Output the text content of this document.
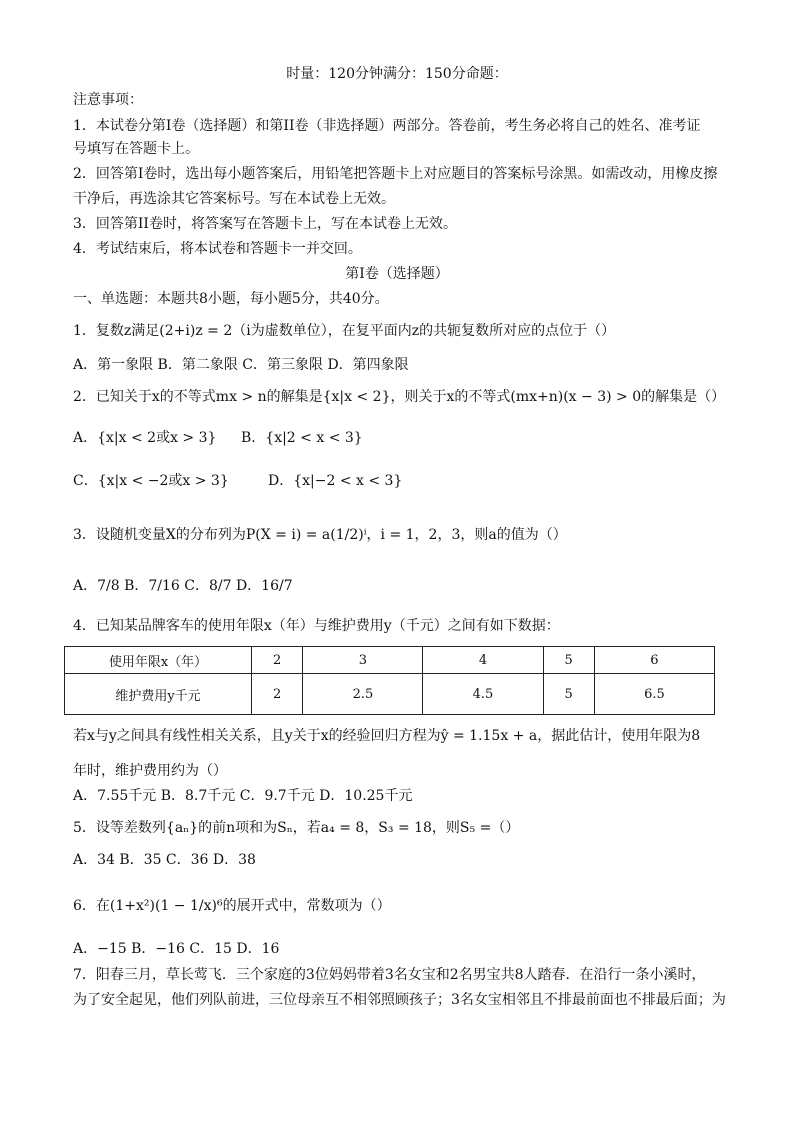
时量：120分钟满分：150分命题：
注意事项：
1．本试卷分第Ⅰ卷（选择题）和第II卷（非选择题）两部分。答卷前，考生务必将自己的姓名、准考证
号填写在答题卡上。
2．回答第Ⅰ卷时，选出每小题答案后，用铅笔把答题卡上对应题目的答案标号涂黑。如需改动，用橡皮擦
干净后，再选涂其它答案标号。写在本试卷上无效。
3．回答第II卷时，将答案写在答题卡上，写在本试卷上无效。
4．考试结束后，将本试卷和答题卡一并交回。
第Ⅰ卷（选择题）
一、单选题：本题共8小题，每小题5分，共40分。
1．复数z满足(2+i)z = 2（i为虚数单位），在复平面内z的共轭复数所对应的点位于（）
A．第一象限 B．第二象限 C．第三象限 D．第四象限
2．已知关于x的不等式mx > n的解集是{x|x < 2}，则关于x的不等式(mx+n)(x − 3) > 0的解集是（）
A．{x|x < 2或x > 3} B．{x|2 < x < 3}
C．{x|x < −2或x > 3}	D．{x|−2 < x < 3}
3．设随机变量X的分布列为P(X = i) = a(1/2)ⁱ，i = 1，2，3，则a的值为（）
A．7/8 B．7/16 C．8/7 D．16/7
4．已知某品牌客车的使用年限x（年）与维护费用y（千元）之间有如下数据：
使用年限x（年）	2	3	4	5	6
维护费用y千元	2	2.5	4.5	5	6.5
若x与y之间具有线性相关关系，且y关于x的经验回归方程为ŷ = 1.15x + a，据此估计，使用年限为8
年时，维护费用约为（）
A．7.55千元 B．8.7千元 C．9.7千元 D．10.25千元
5．设等差数列{aₙ}的前n项和为Sₙ，若a₄ = 8，S₃ = 18，则S₅ =（）
A．34 B．35 C．36 D．38
6．在(1+x²)(1 − 1/x)⁶的展开式中，常数项为（）
A．−15 B．−16 C．15 D．16
7．阳春三月，草长莺飞．三个家庭的3位妈妈带着3名女宝和2名男宝共8人踏春．在沿行一条小溪时，
为了安全起见，他们列队前进，三位母亲互不相邻照顾孩子；3名女宝相邻且不排最前面也不排最后面；为
